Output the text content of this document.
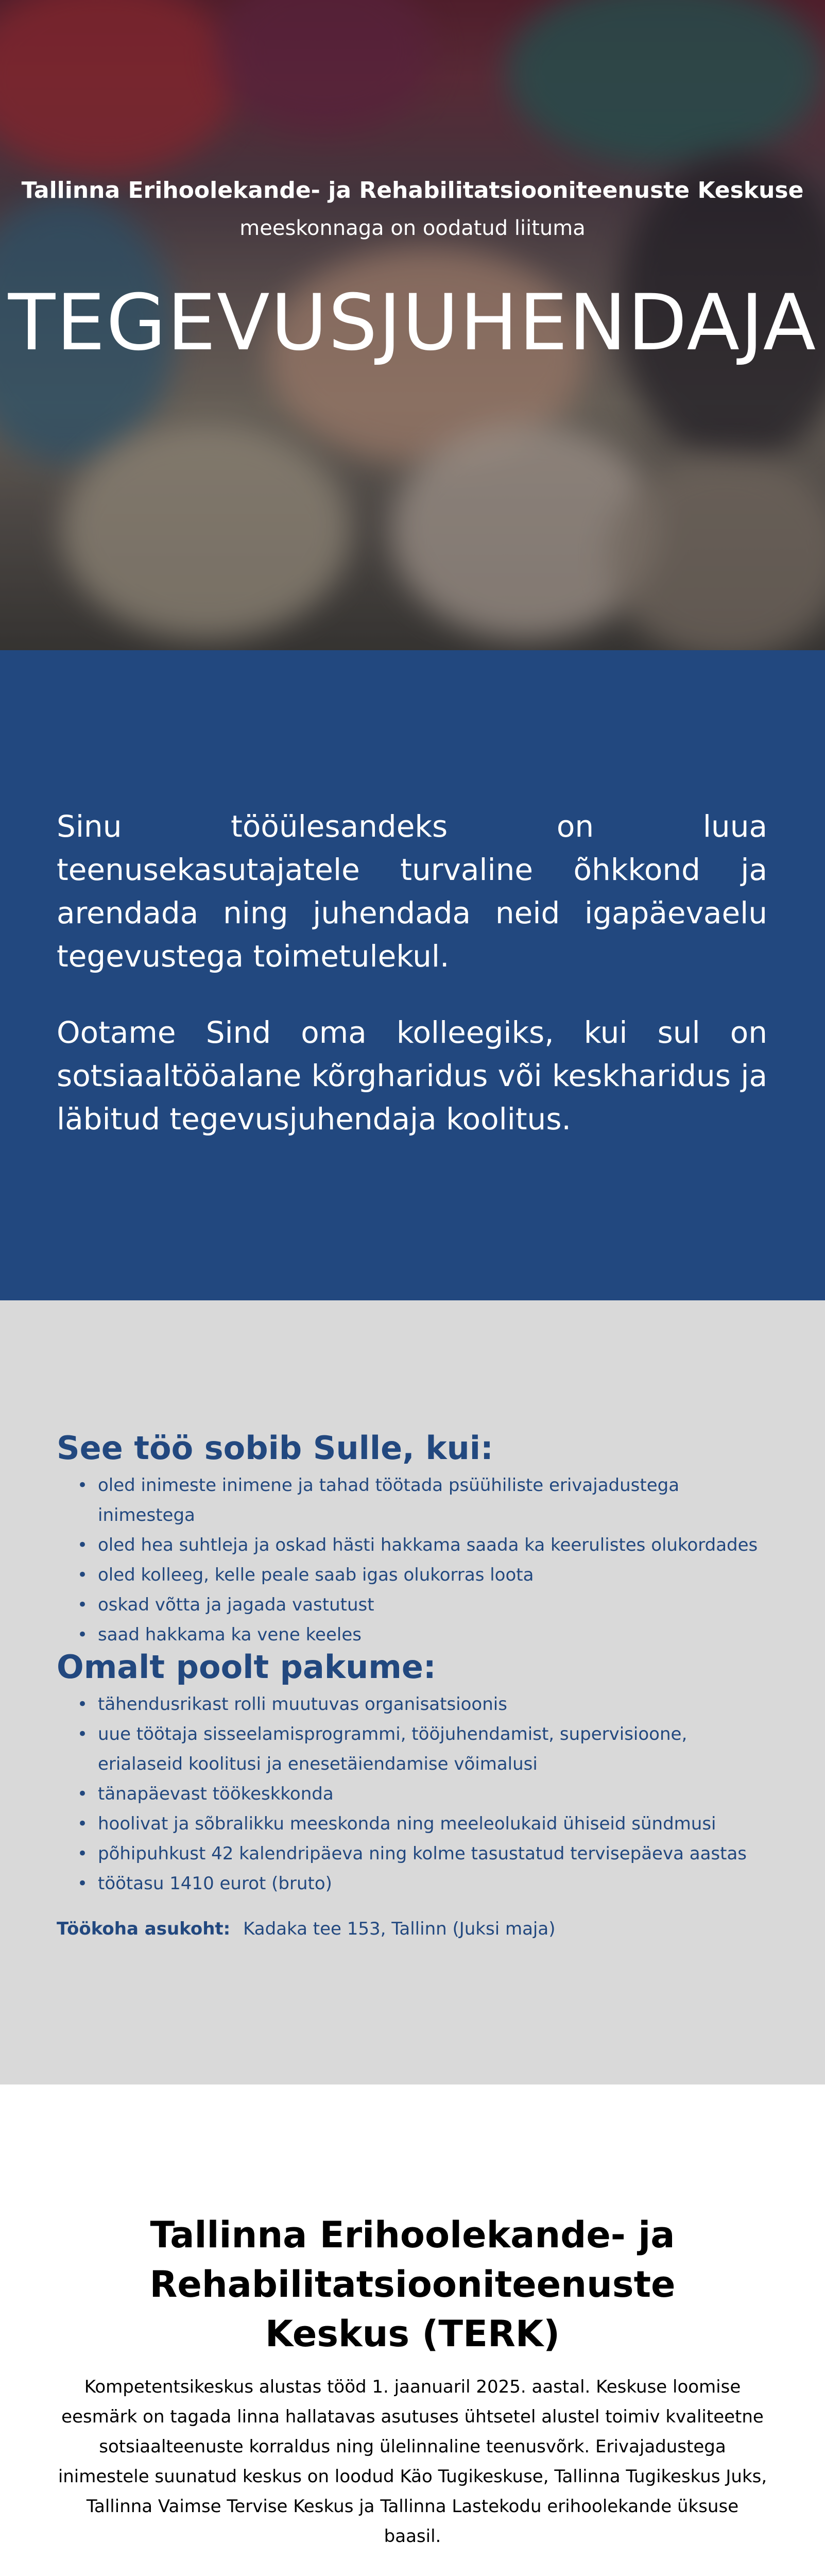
Tallinna Erihoolekande- ja Rehabilitatsiooniteenuste Keskuse
meeskonnaga on oodatud liituma
TEGEVUSJUHENDAJA

Sinu tööülesandeks on luua teenusekasutajatele turvaline õhkkond ja arendada ning juhendada neid igapäevaelu tegevustega toimetulekul.

Ootame Sind oma kolleegiks, kui sul on sotsiaaltööalane kõrgharidus või keskharidus ja läbitud tegevusjuhendaja koolitus.

See töö sobib Sulle, kui:
• oled inimeste inimene ja tahad töötada psüühiliste erivajadustega inimestega
• oled hea suhtleja ja oskad hästi hakkama saada ka keerulistes olukordades
• oled kolleeg, kelle peale saab igas olukorras loota
• oskad võtta ja jagada vastutust
• saad hakkama ka vene keeles
Omalt poolt pakume:
• tähendusrikast rolli muutuvas organisatsioonis
• uue töötaja sisseelamisprogrammi, tööjuhendamist, supervisioone, erialaseid koolitusi ja enesetäiendamise võimalusi
• tänapäevast töökeskkonda
• hoolivat ja sõbralikku meeskonda ning meeleolukaid ühiseid sündmusi
• põhipuhkust 42 kalendripäeva ning kolme tasustatud tervisepäeva aastas
• töötasu 1410 eurot (bruto)
Töökoha asukoht: Kadaka tee 153, Tallinn (Juksi maja)
Tallinna Erihoolekande- ja Rehabilitatsiooniteenuste Keskus (TERK)

Kompetentsikeskus alustas tööd 1. jaanuaril 2025. aastal. Keskuse loomise eesmärk on tagada linna hallatavas asutuses ühtsetel alustel toimiv kvaliteetne sotsiaalteenuste korraldus ning ülelinnaline teenusvõrk. Erivajadustega inimestele suunatud keskus on loodud Käo Tugikeskuse, Tallinna Tugikeskus Juks, Tallinna Vaimse Tervise Keskus ja Tallinna Lastekodu erihoolekande üksuse baasil.
